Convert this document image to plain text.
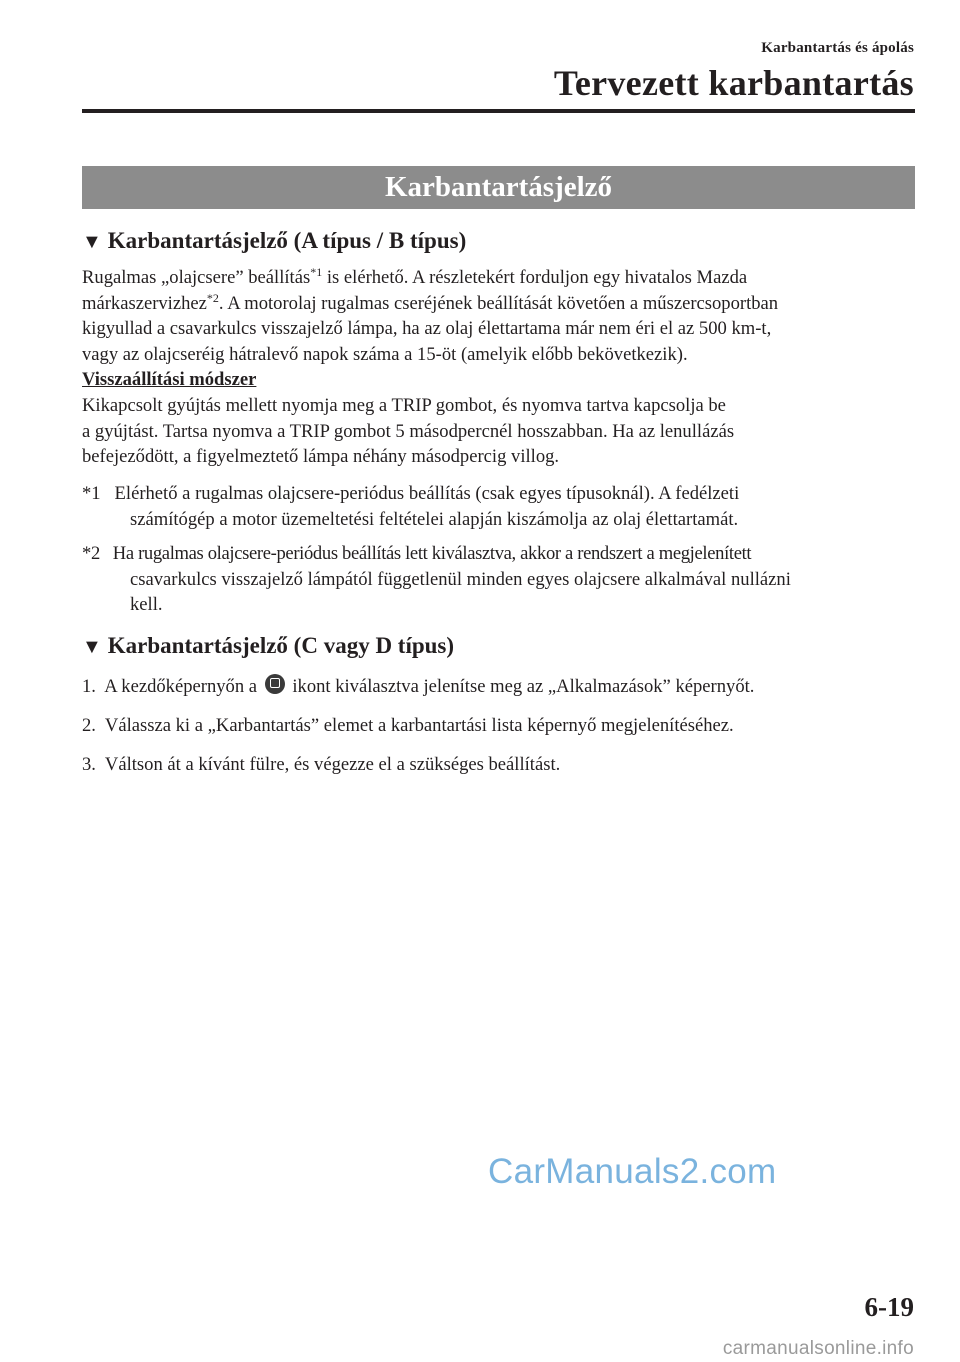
Karbantartás és ápolás
Tervezett karbantartás
Karbantartásjelző
▼ Karbantartásjelző (A típus / B típus)

Rugalmas „olajcsere” beállítás$^{*1}$ is elérhető. A részletekért forduljon egy hivatalos Mazda

márkaszervizhez$^{*2}$. A motorolaj rugalmas cseréjének beállítását követően a műszercsoportban

kigyullad a csavarkulcs visszajelző lámpa, ha az olaj élettartama már nem éri el az 500 km-t,

vagy az olajcseréig hátralevő napok száma a 15-öt (amelyik előbb bekövetkezik).

Visszaállítási módszer

Kikapcsolt gyújtás mellett nyomja meg a TRIP gombot, és nyomva tartva kapcsolja be

a gyújtást. Tartsa nyomva a TRIP gombot 5 másodpercnél hosszabban. Ha az lenullázás

befejeződött, a figyelmeztető lámpa néhány másodpercig villog.

*1   Elérhető a rugalmas olajcsere-periódus beállítás (csak egyes típusoknál). A fedélzeti

számítógép a motor üzemeltetési feltételei alapján kiszámolja az olaj élettartamát.

*2   Ha rugalmas olajcsere-periódus beállítás lett kiválasztva, akkor a rendszert a megjelenített

csavarkulcs visszajelző lámpától függetlenül minden egyes olajcsere alkalmával nullázni

kell.

▼ Karbantartásjelző (C vagy D típus)
1.  A kezdőképernyőn a  ikont kiválasztva jelenítse meg az „Alkalmazások” képernyőt.
2.  Válassza ki a „Karbantartás” elemet a karbantartási lista képernyő megjelenítéséhez.
3.  Váltson át a kívánt fülre, és végezze el a szükséges beállítást.
CarManuals2.com
6-19
carmanualsonline.info
